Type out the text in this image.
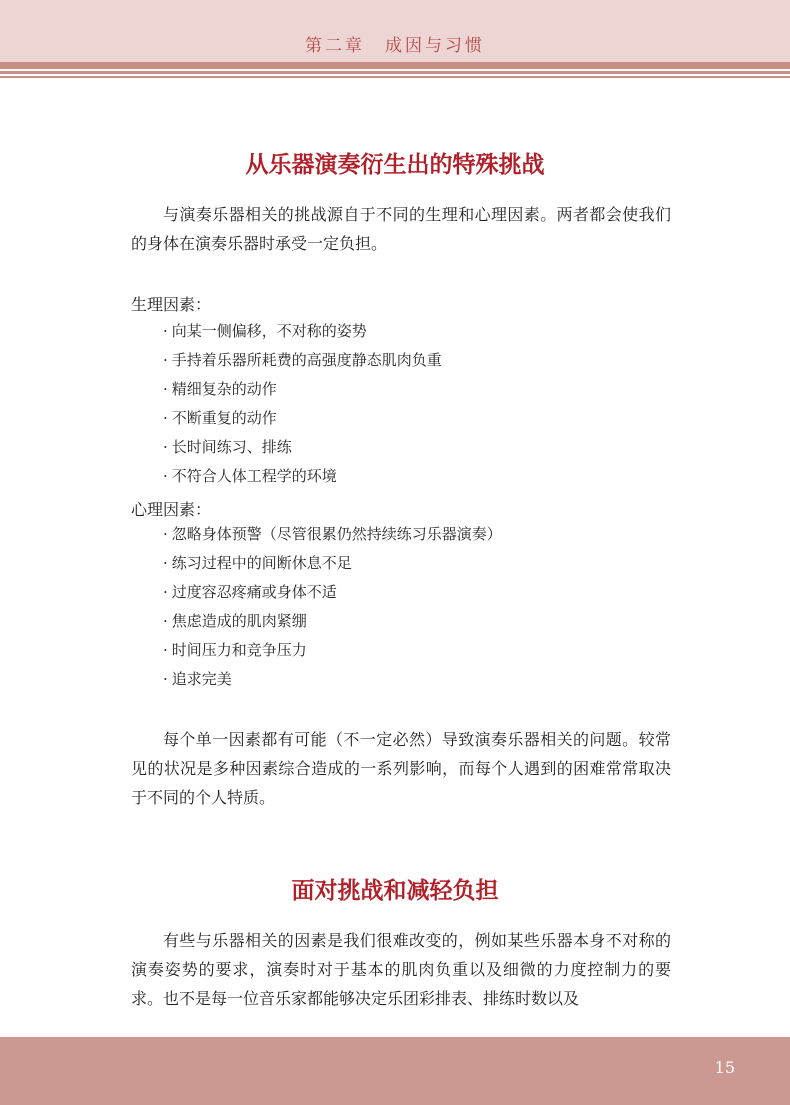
第二章　成因与习惯
从乐器演奏衍生出的特殊挑战

与演奏乐器相关的挑战源自于不同的生理和心理因素。两者都会使我们的身体在演奏乐器时承受一定负担。

生理因素：
· 向某一侧偏移，不对称的姿势
· 手持着乐器所耗费的高强度静态肌肉负重
· 精细复杂的动作
· 不断重复的动作
· 长时间练习、排练
· 不符合人体工程学的环境
心理因素：
· 忽略身体预警（尽管很累仍然持续练习乐器演奏）
· 练习过程中的间断休息不足
· 过度容忍疼痛或身体不适
· 焦虑造成的肌肉紧绷
· 时间压力和竞争压力
· 追求完美

每个单一因素都有可能（不一定必然）导致演奏乐器相关的问题。较常见的状况是多种因素综合造成的一系列影响，而每个人遇到的困难常常取决于不同的个人特质。

面对挑战和减轻负担

有些与乐器相关的因素是我们很难改变的，例如某些乐器本身不对称的演奏姿势的要求，演奏时对于基本的肌肉负重以及细微的力度控制力的要求。也不是每一位音乐家都能够决定乐团彩排表、排练时数以及

15
